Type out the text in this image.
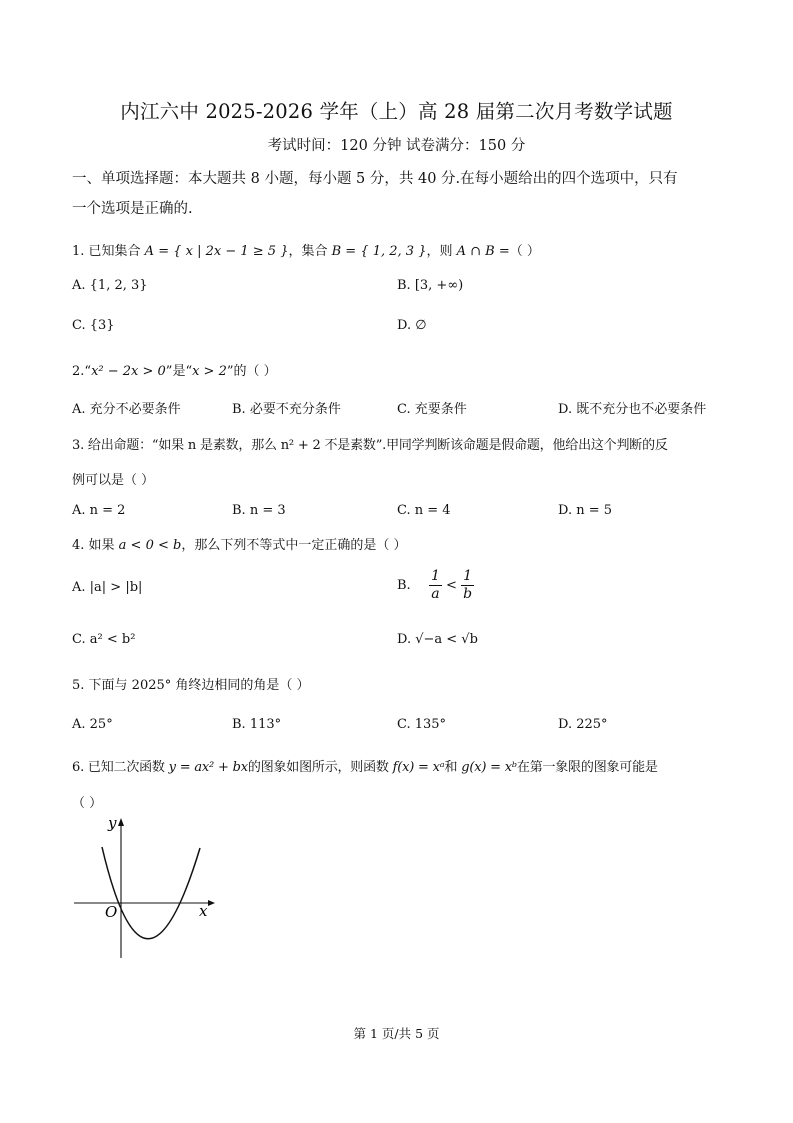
内江六中 2025-2026 学年（上）高 28 届第二次月考数学试题
考试时间：120 分钟 试卷满分：150 分
一、单项选择题：本大题共 8 小题，每小题 5 分，共 40 分.在每小题给出的四个选项中，只有
一个选项是正确的.
1. 已知集合 A = { x | 2x − 1 ≥ 5 }，集合 B = { 1, 2, 3 }，则 A ∩ B =（ ）
A. {1, 2, 3}	B. [3, +∞)
C. {3}	D. ∅
2.“x² − 2x > 0”是“x > 2”的（ ）
A. 充分不必要条件	B. 必要不充分条件	C. 充要条件	D. 既不充分也不必要条件
3. 给出命题：“如果 n 是素数，那么 n² + 2 不是素数”.甲同学判断该命题是假命题，他给出这个判断的反
例可以是（ ）
A. n = 2	B. n = 3	C. n = 4	D. n = 5
4. 如果 a < 0 < b，那么下列不等式中一定正确的是（ ）
A. |a| > |b|	B. $\frac{1}{a} < \frac{1}{b}$
C. a² < b²	D. √−a < √b
5. 下面与 2025° 角终边相同的角是（ ）
A. 25°	B. 113°	C. 135°	D. 225°
6. 已知二次函数 y = ax² + bx的图象如图所示，则函数 f(x) = xᵃ和 g(x) = xᵇ在第一象限的图象可能是
（ ）
y
x
O
第 1 页/共 5 页
